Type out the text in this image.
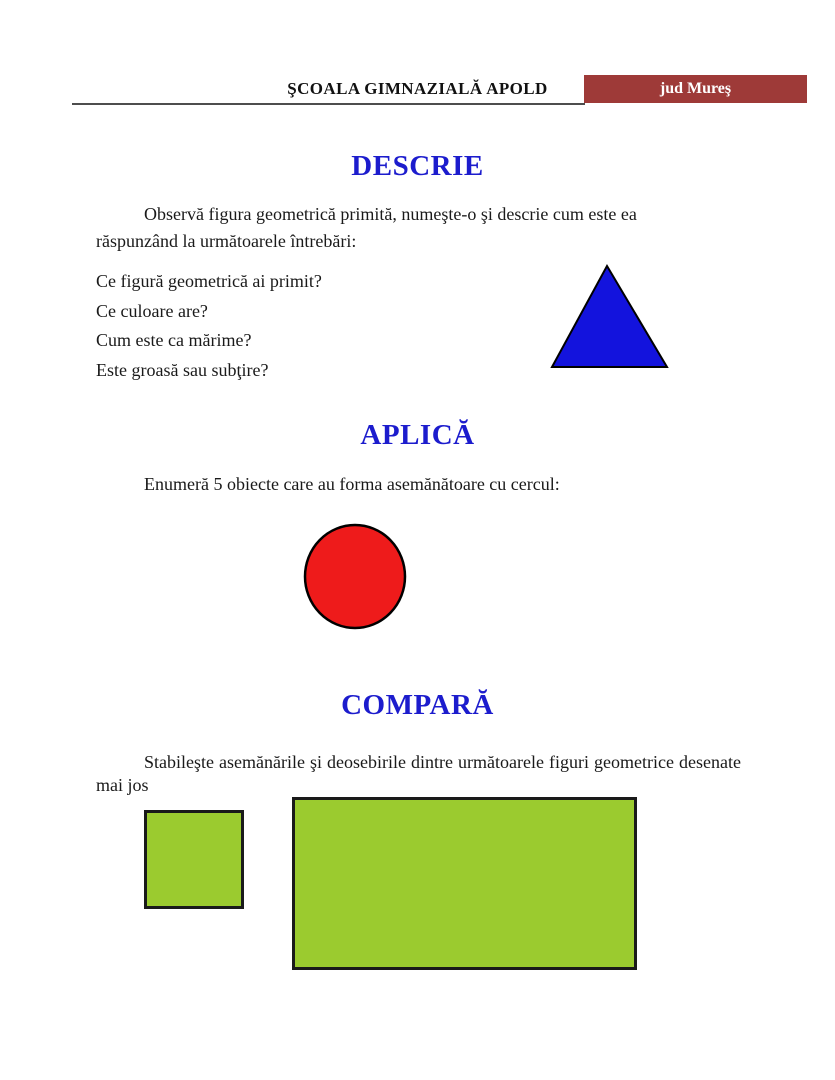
ŞCOALA GIMNAZIALĂ APOLD	jud Mureş
DESCRIE

Observă figura geometrică primită, numeşte-o şi descrie cum este ea răspunzând la următoarele întrebări:

Ce figură geometrică ai primit?
Ce culoare are?
Cum este ca mărime?
Este groasă sau subţire?
APLICĂ

Enumeră 5 obiecte care au forma asemănătoare cu cercul:

COMPARĂ

Stabileşte asemănările şi deosebirile dintre următoarele figuri geometrice desenate mai jos
